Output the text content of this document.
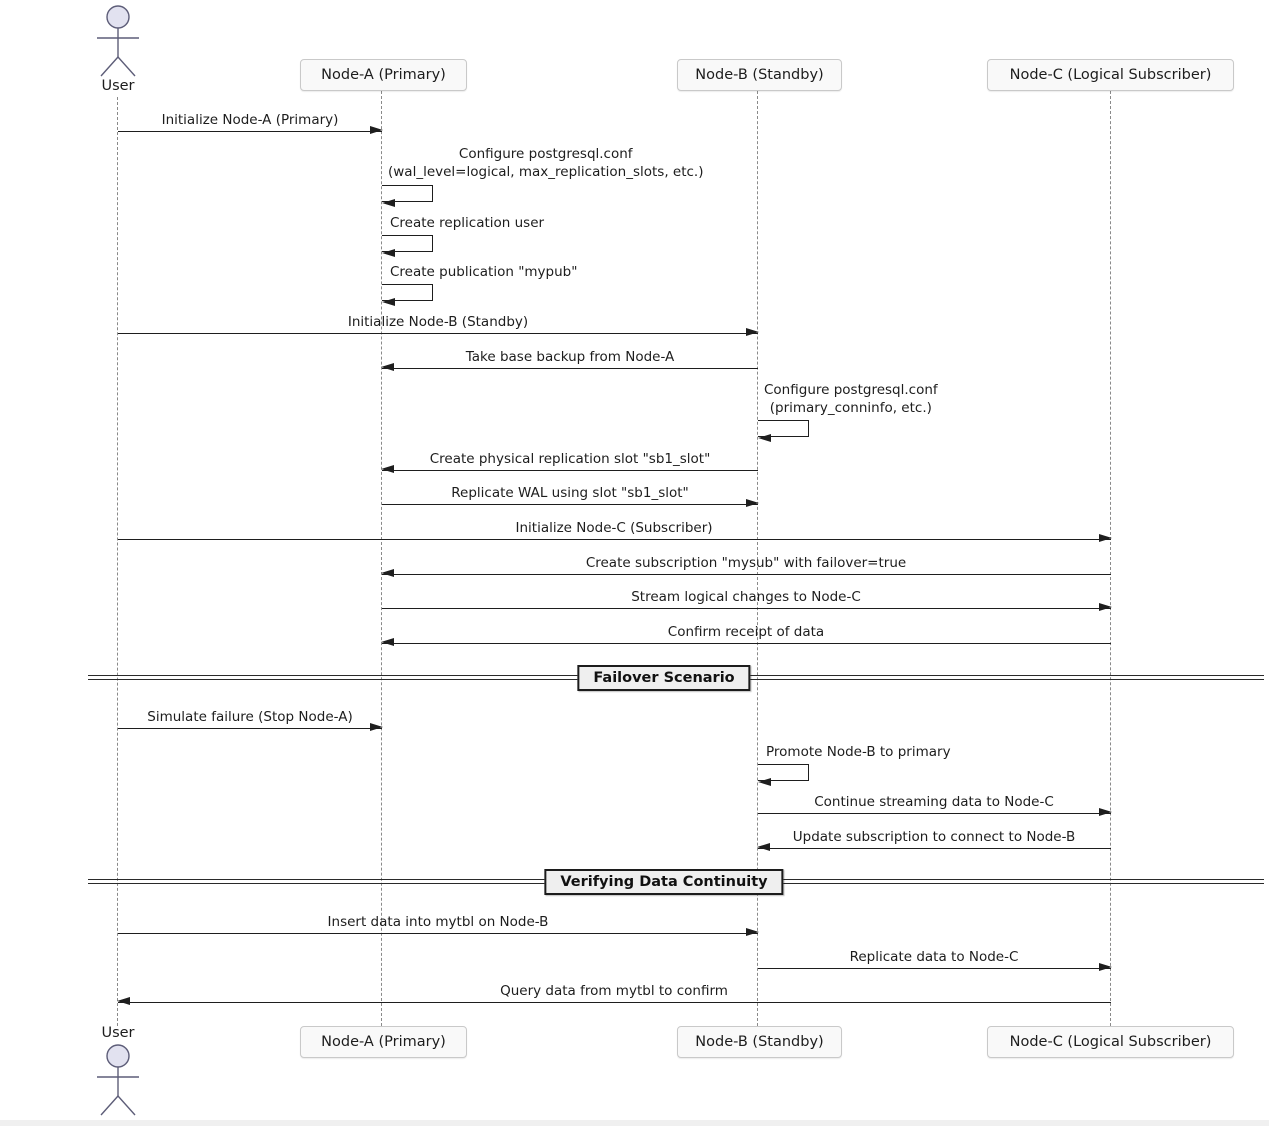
User
Node-A (Primary)	Node-B (Standby)	Node-C (Logical Subscriber)
Initialize Node-A (Primary)
Configure postgresql.conf
(wal_level=logical, max_replication_slots, etc.)
Create replication user
Create publication "mypub"
Initialize Node-B (Standby)
Take base backup from Node-A
Configure postgresql.conf
(primary_conninfo, etc.)
Create physical replication slot "sb1_slot"
Replicate WAL using slot "sb1_slot"
Initialize Node-C (Subscriber)
Create subscription "mysub" with failover=true
Stream logical changes to Node-C
Confirm receipt of data
Failover Scenario
Simulate failure (Stop Node-A)
Promote Node-B to primary
Continue streaming data to Node-C
Update subscription to connect to Node-B
Verifying Data Continuity
Insert data into mytbl on Node-B
Replicate data to Node-C
Query data from mytbl to confirm
Node-A (Primary)	Node-B (Standby)	Node-C (Logical Subscriber)
User
